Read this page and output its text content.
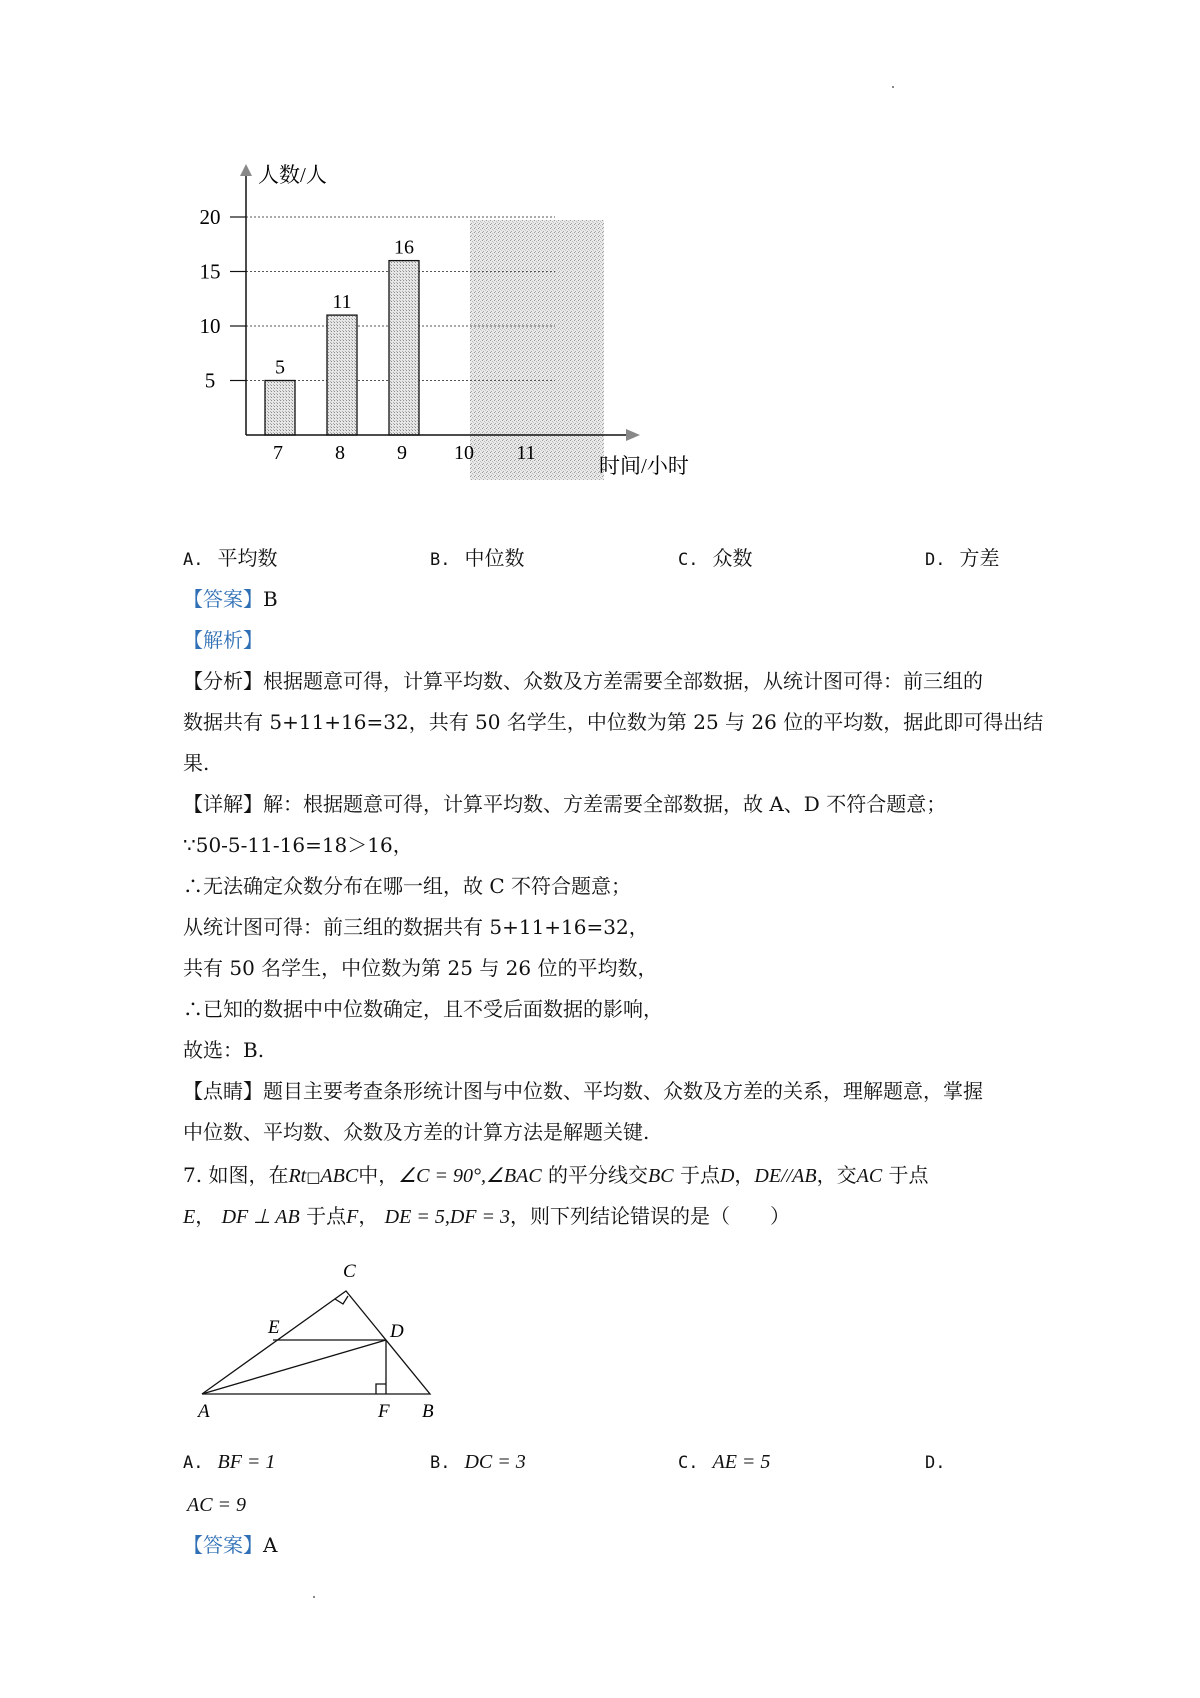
5
10
15
20
5
7
11
8
16
9 10 11
人数/人
时间/小时
A. 平均数	B. 中位数	C. 众数	D. 方差
【答案】B
【解析】
【分析】根据题意可得，计算平均数、众数及方差需要全部数据，从统计图可得：前三组的
数据共有 5+11+16=32，共有 50 名学生，中位数为第 25 与 26 位的平均数，据此即可得出结
果.
【详解】解：根据题意可得，计算平均数、方差需要全部数据，故 A、D 不符合题意；
∵50-5-11-16=18＞16，
∴无法确定众数分布在哪一组，故 C 不符合题意；
从统计图可得：前三组的数据共有 5+11+16=32，
共有 50 名学生，中位数为第 25 与 26 位的平均数，
∴已知的数据中中位数确定，且不受后面数据的影响，
故选：B.
【点睛】题目主要考查条形统计图与中位数、平均数、众数及方差的关系，理解题意，掌握
中位数、平均数、众数及方差的计算方法是解题关键.
7. 如图，在Rt□ABC中，∠C = 90°,∠BAC 的平分线交BC 于点D，DE//AB，交AC 于点
E， DF ⊥ AB 于点F， DE = 5,DF = 3，则下列结论错误的是（　　）
C
E	D
A	F B
A. BF = 1	B. DC = 3	C. AE = 5	D.
AC = 9
【答案】A
